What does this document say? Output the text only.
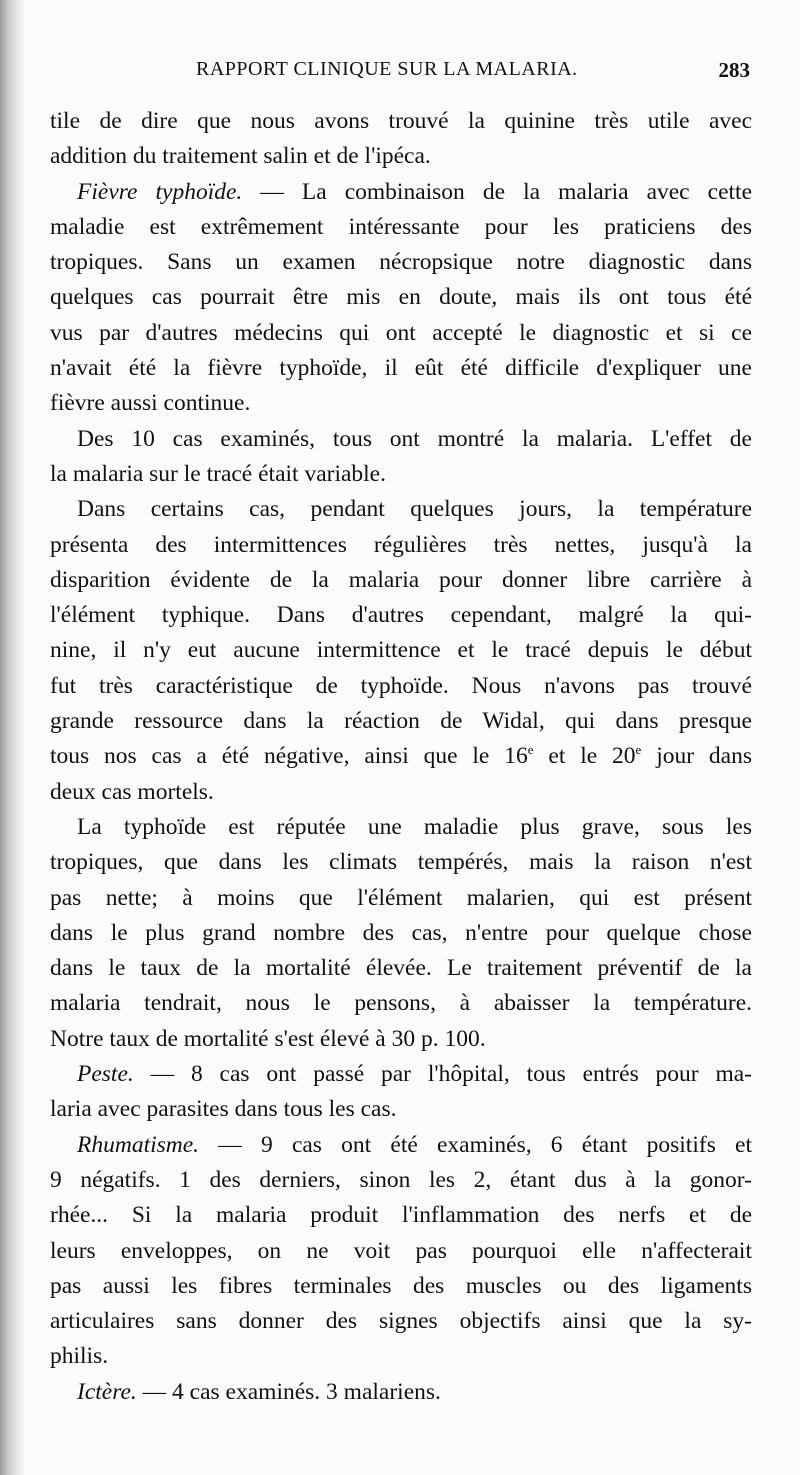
RAPPORT CLINIQUE SUR LA MALARIA.	283
tile de dire que nous avons trouvé la quinine très utile avec
addition du traitement salin et de l'ipéca.
Fièvre typhoïde. — La combinaison de la malaria avec cette
maladie est extrêmement intéressante pour les praticiens des
tropiques. Sans un examen nécropsique notre diagnostic dans
quelques cas pourrait être mis en doute, mais ils ont tous été
vus par d'autres médecins qui ont accepté le diagnostic et si ce
n'avait été la fièvre typhoïde, il eût été difficile d'expliquer une
fièvre aussi continue.
Des 10 cas examinés, tous ont montré la malaria. L'effet de
la malaria sur le tracé était variable.
Dans certains cas, pendant quelques jours, la température
présenta des intermittences régulières très nettes, jusqu'à la
disparition évidente de la malaria pour donner libre carrière à
l'élément typhique. Dans d'autres cependant, malgré la qui-
nine, il n'y eut aucune intermittence et le tracé depuis le début
fut très caractéristique de typhoïde. Nous n'avons pas trouvé
grande ressource dans la réaction de Widal, qui dans presque
tous nos cas a été négative, ainsi que le 16e et le 20e jour dans
deux cas mortels.
La typhoïde est réputée une maladie plus grave, sous les
tropiques, que dans les climats tempérés, mais la raison n'est
pas nette; à moins que l'élément malarien, qui est présent
dans le plus grand nombre des cas, n'entre pour quelque chose
dans le taux de la mortalité élevée. Le traitement préventif de la
malaria tendrait, nous le pensons, à abaisser la température.
Notre taux de mortalité s'est élevé à 30 p. 100.
Peste. — 8 cas ont passé par l'hôpital, tous entrés pour ma-
laria avec parasites dans tous les cas.
Rhumatisme. — 9 cas ont été examinés, 6 étant positifs et
9 négatifs. 1 des derniers, sinon les 2, étant dus à la gonor-
rhée... Si la malaria produit l'inflammation des nerfs et de
leurs enveloppes, on ne voit pas pourquoi elle n'affecterait
pas aussi les fibres terminales des muscles ou des ligaments
articulaires sans donner des signes objectifs ainsi que la sy-
philis.
Ictère. — 4 cas examinés. 3 malariens.
